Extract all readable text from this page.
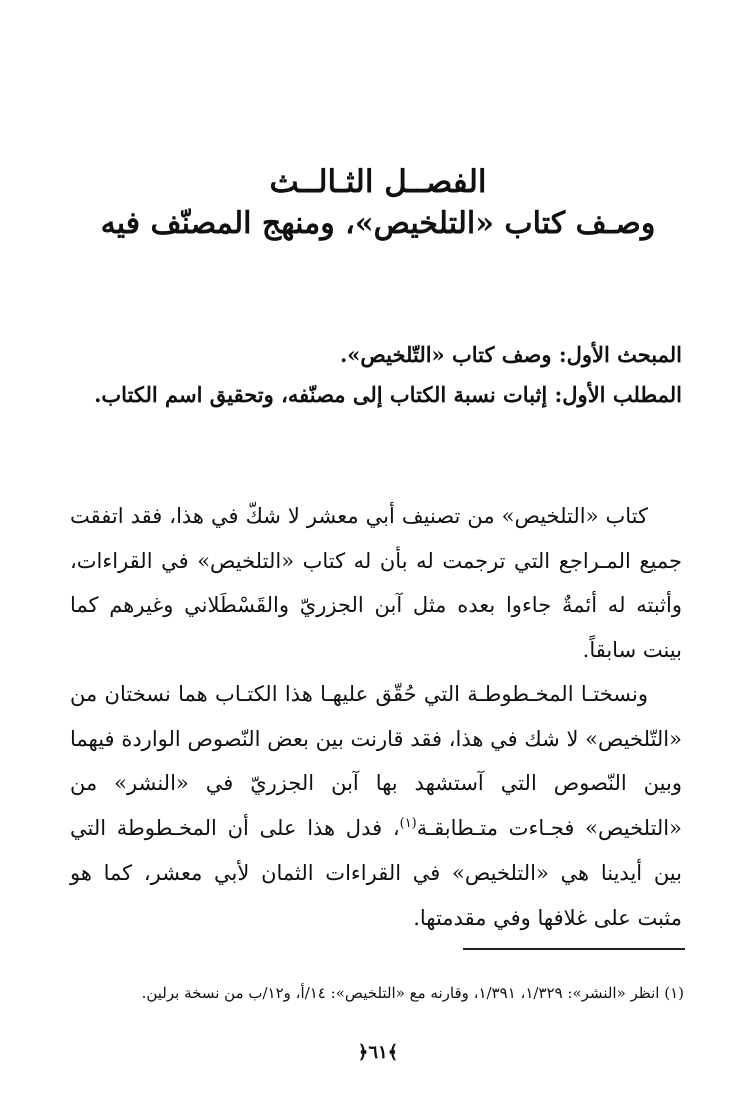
الفصــل الثـالــث
وصـف كتاب «التلخيص»، ومنهج المصنّف فيه
المبحث الأول: وصف كتاب «التّلخيص».
المطلب الأول: إثبات نسبة الكتاب إلى مصنّفه، وتحقيق اسم الكتاب.

كتاب «التلخيص» من تصنيف أبي معشر لا شكّ في هذا، فقد اتفقت جميع المـراجع التي ترجمت له بأن له كتاب «التلخيص» في القراءات، وأثبته له أئمةٌ جاءوا بعده مثل آبن الجزريّ والقَسْطَلاني وغيرهم كما بينت سابقاً.

ونسختـا المخـطوطـة التي حُقّق عليهـا هذا الكتـاب هما نسختان من «التّلخيص» لا شك في هذا، فقد قارنت بين بعض النّصوص الواردة فيهما وبين النّصوص التي آستشهد بها آبن الجزريّ في «النشر» من «التلخيص» فجـاءت متـطابقـة$^{(١)}$، فدل هذا على أن المخـطوطة التي بين أيدينا هي «التلخيص» في القراءات الثمان لأبي معشر، كما هو مثبت على غلافها وفي مقدمتها.

(١) انظر «النشر»: ١/٣٢٩، ١/٣٩١، وقارنه مع «التلخيص»: ١٤/أ، و١٢/ب من نسخة برلين.
﴿٦١﴾
